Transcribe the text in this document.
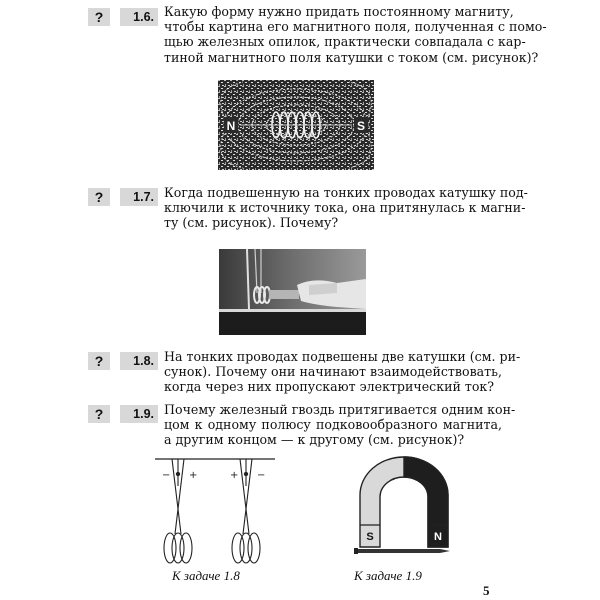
?	1.6. Какую форму нужно придать постоянному магниту,
чтобы картина его магнитного поля, полученная с помо-
щью железных опилок, практически совпадала с кар-
тиной магнитного поля катушки с током (см. рисунок)?
N	S
?	1.7. Когда подвешенную на тонких проводах катушку под-
ключили к источнику тока, она притянулась к магни-
ту (см. рисунок). Почему?
?	1.8. На тонких проводах подвешены две катушки (см. ри-
сунок). Почему они начинают взаимодействовать,
когда через них пропускают электрический ток?
?	1.9. Почему железный гвоздь притягивается одним кон-
цом к одному полюсу подковообразного магнита,
а другим концом — к другому (см. рисунок)?
− +	+ −
К задаче 1.8
S	N
К задаче 1.9
5
